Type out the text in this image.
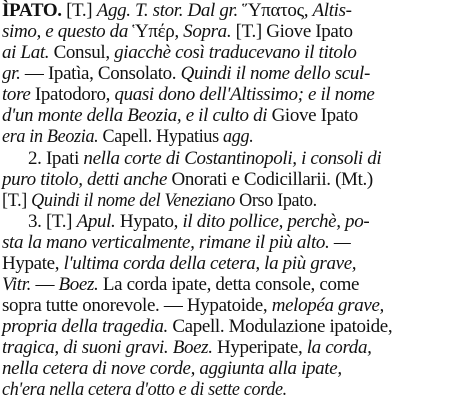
ÌPATO. [T.] Agg. T. stor. Dal gr. Ὕπατος, Altis-
simo, e questo da Ὑπέρ, Sopra. [T.] Giove Ipato
ai Lat. Consul, giacchè così traducevano il titolo
gr. — Ipatìa, Consolato. Quindi il nome dello scul-
tore Ipatodoro, quasi dono dell'Altissimo; e il nome
d'un monte della Beozia, e il culto di Giove Ipato
era in Beozia. Capell. Hypatius agg.
2. Ipati nella corte di Costantinopoli, i consoli di
puro titolo, detti anche Onorati e Codicillarii. (Mt.)
[T.] Quindi il nome del Veneziano Orso Ipato.
3. [T.] Apul. Hypato, il dito pollice, perchè, po-
sta la mano verticalmente, rimane il più alto. —
Hypate, l'ultima corda della cetera, la più grave,
Vitr. — Boez. La corda ipate, detta console, come
sopra tutte onorevole. — Hypatoide, melopéa grave,
propria della tragedia. Capell. Modulazione ipatoide,
tragica, di suoni gravi. Boez. Hyperipate, la corda,
nella cetera di nove corde, aggiunta alla ipate,
ch'era nella cetera d'otto e di sette corde.
